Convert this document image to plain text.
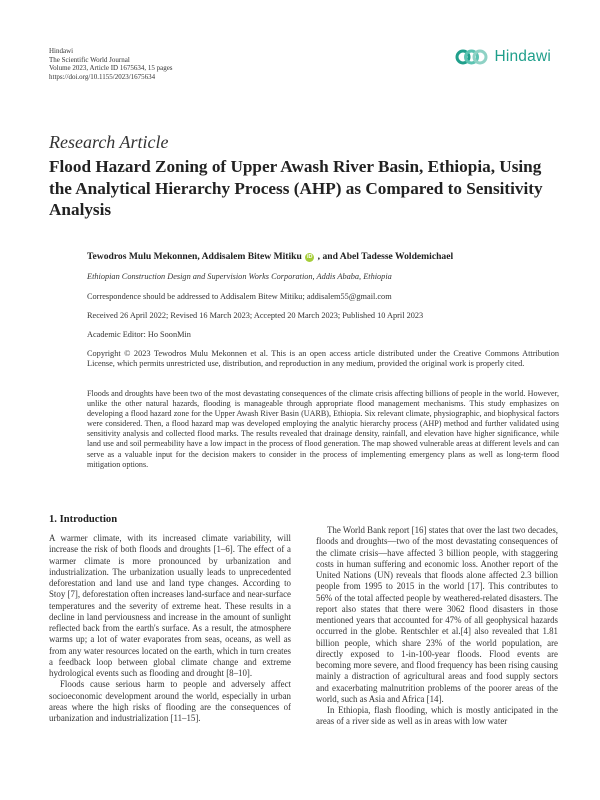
Hindawi
The Scientific World Journal
Volume 2023, Article ID 1675634, 15 pages
https://doi.org/10.1155/2023/1675634
Hindawi
Research Article
Flood Hazard Zoning of Upper Awash River Basin, Ethiopia, Using the Analytical Hierarchy Process (AHP) as Compared to Sensitivity Analysis
Tewodros Mulu Mekonnen, Addisalem Bitew Mitiku iD , and Abel Tadesse Woldemichael
Ethiopian Construction Design and Supervision Works Corporation, Addis Ababa, Ethiopia
Correspondence should be addressed to Addisalem Bitew Mitiku; addisalem55@gmail.com
Received 26 April 2022; Revised 16 March 2023; Accepted 20 March 2023; Published 10 April 2023
Academic Editor: Ho SoonMin
Copyright © 2023 Tewodros Mulu Mekonnen et al. This is an open access article distributed under the Creative Commons Attribution License, which permits unrestricted use, distribution, and reproduction in any medium, provided the original work is properly cited.
Floods and droughts have been two of the most devastating consequences of the climate crisis affecting billions of people in the world. However, unlike the other natural hazards, flooding is manageable through appropriate flood management mechanisms. This study emphasizes on developing a flood hazard zone for the Upper Awash River Basin (UARB), Ethiopia. Six relevant climate, physiographic, and biophysical factors were considered. Then, a flood hazard map was developed employing the analytic hierarchy process (AHP) method and further validated using sensitivity analysis and collected flood marks. The results revealed that drainage density, rainfall, and elevation have higher significance, while land use and soil permeability have a low impact in the process of flood generation. The map showed vulnerable areas at different levels and can serve as a valuable input for the decision makers to consider in the process of implementing emergency plans as well as long-term flood mitigation options.
1. Introduction

A warmer climate, with its increased climate variability, will increase the risk of both floods and droughts [1–6]. The effect of a warmer climate is more pronounced by urbanization and industrialization. The urbanization usually leads to unprecedented deforestation and land use and land type changes. According to Stoy [7], deforestation often increases land-surface and near-surface temperatures and the severity of extreme heat. These results in a decline in land perviousness and increase in the amount of sunlight reflected back from the earth's surface. As a result, the atmosphere warms up; a lot of water evaporates from seas, oceans, as well as from any water resources located on the earth, which in turn creates a feedback loop between global climate change and extreme hydrological events such as flooding and drought [8–10].

Floods cause serious harm to people and adversely affect socioeconomic development around the world, especially in urban areas where the high risks of flooding are the consequences of urbanization and industrialization [11–15].

The World Bank report [16] states that over the last two decades, floods and droughts—two of the most devastating consequences of the climate crisis—have affected 3 billion people, with staggering costs in human suffering and economic loss. Another report of the United Nations (UN) reveals that floods alone affected 2.3 billion people from 1995 to 2015 in the world [17]. This contributes to 56% of the total affected people by weathered-related disasters. The report also states that there were 3062 flood disasters in those mentioned years that accounted for 47% of all geophysical hazards occurred in the globe. Rentschler et al.[4] also revealed that 1.81 billion people, which share 23% of the world population, are directly exposed to 1-in-100-year floods. Flood events are becoming more severe, and flood frequency has been rising causing mainly a distraction of agricultural areas and food supply sectors and exacerbating malnutrition problems of the poorer areas of the world, such as Asia and Africa [14].

In Ethiopia, flash flooding, which is mostly anticipated in the areas of a river side as well as in areas with low water
